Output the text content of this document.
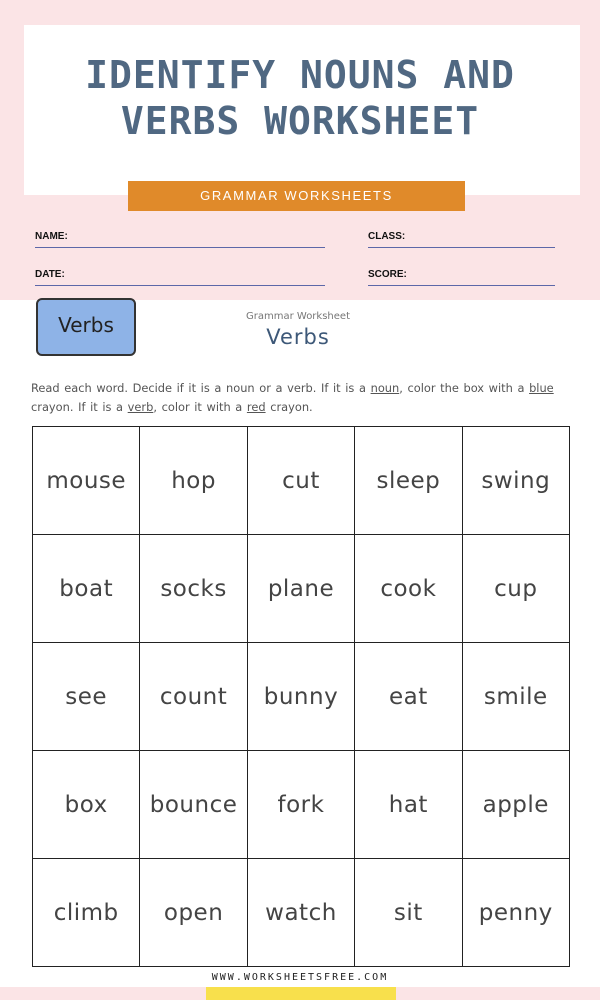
IDENTIFY NOUNS AND
VERBS WORKSHEET
GRAMMAR WORKSHEETS
NAME:	CLASS:
DATE:	SCORE:
Verbs	Grammar Worksheet
Verbs
Read each word. Decide if it is a noun or a verb. If it is a noun, color the box with a blue crayon. If it is a verb, color it with a red crayon.
mouse	hop	cut	sleep	swing
boat	socks	plane	cook	cup
see	count	bunny	eat	smile
box	bounce	fork	hat	apple
climb	open	watch	sit	penny
WWW.WORKSHEETSFREE.COM
